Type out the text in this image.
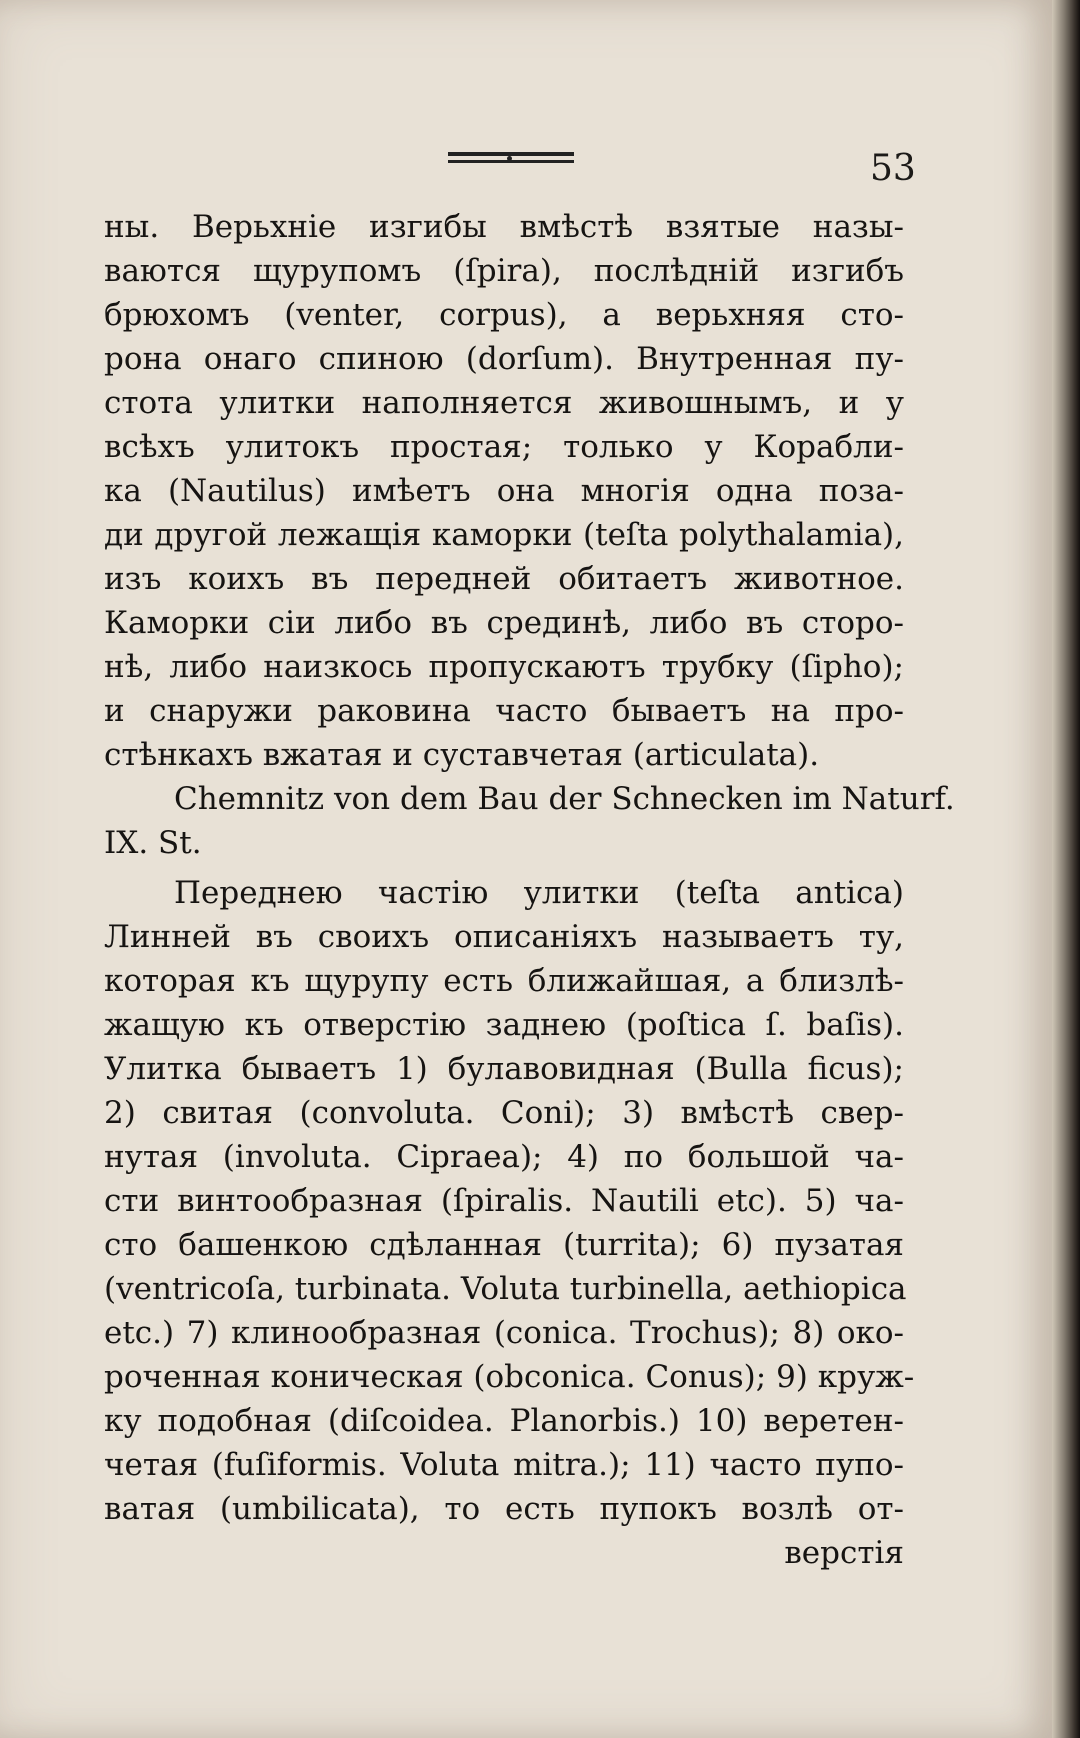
53
ны. Верьхніе изгибы вмѣстѣ взятые назы-
ваются щурупомъ (ſpira), послѣдній изгибъ
брюхомъ (venter, corpus), а верьхняя сто-
рона онаго спиною (dorſum). Внутренная пу-
стота улитки наполняется живошнымъ, и у
всѣхъ улитокъ простая; только у Корабли-
ка (Nautilus) имѣетъ она многія одна поза-
ди другой лежащія каморки (teſta polythalamia),
изъ коихъ въ передней обитаетъ животное.
Каморки сіи либо въ срединѣ, либо въ сторо-
нѣ, либо наизкось пропускаютъ трубку (ſipho);
и снаружи раковина часто бываетъ на про-
стѣнкахъ вжатая и суставчетая (articulata).
Chemnitz von dem Bau der Schnecken im Naturf.
IX. St.
Переднею частію улитки (teſta antica)
Линней въ своихъ описаніяхъ называетъ ту,
которая къ щурупу есть ближайшая, а близлѣ-
жащую къ отверстію заднею (poſtica ſ. baſis).
Улитка бываетъ 1) булавовидная (Bulla ficus);
2) свитая (convoluta. Coni); 3) вмѣстѣ свер-
нутая (involuta. Cipraea); 4) по большой ча-
сти винтообразная (ſpiralis. Nautili etc). 5) ча-
сто башенкою сдѣланная (turrita); 6) пузатая
(ventricoſa, turbinata. Voluta turbinella, aethiopica
etc.) 7) клинообразная (conica. Trochus); 8) око-
роченная коническая (obconica. Conus); 9) круж-
ку подобная (diſcoidea. Planorbis.) 10) веретен-
четая (fuſiformis. Voluta mitra.); 11) часто пупо-
ватая (umbilicata), то есть пупокъ возлѣ от-
верстія
